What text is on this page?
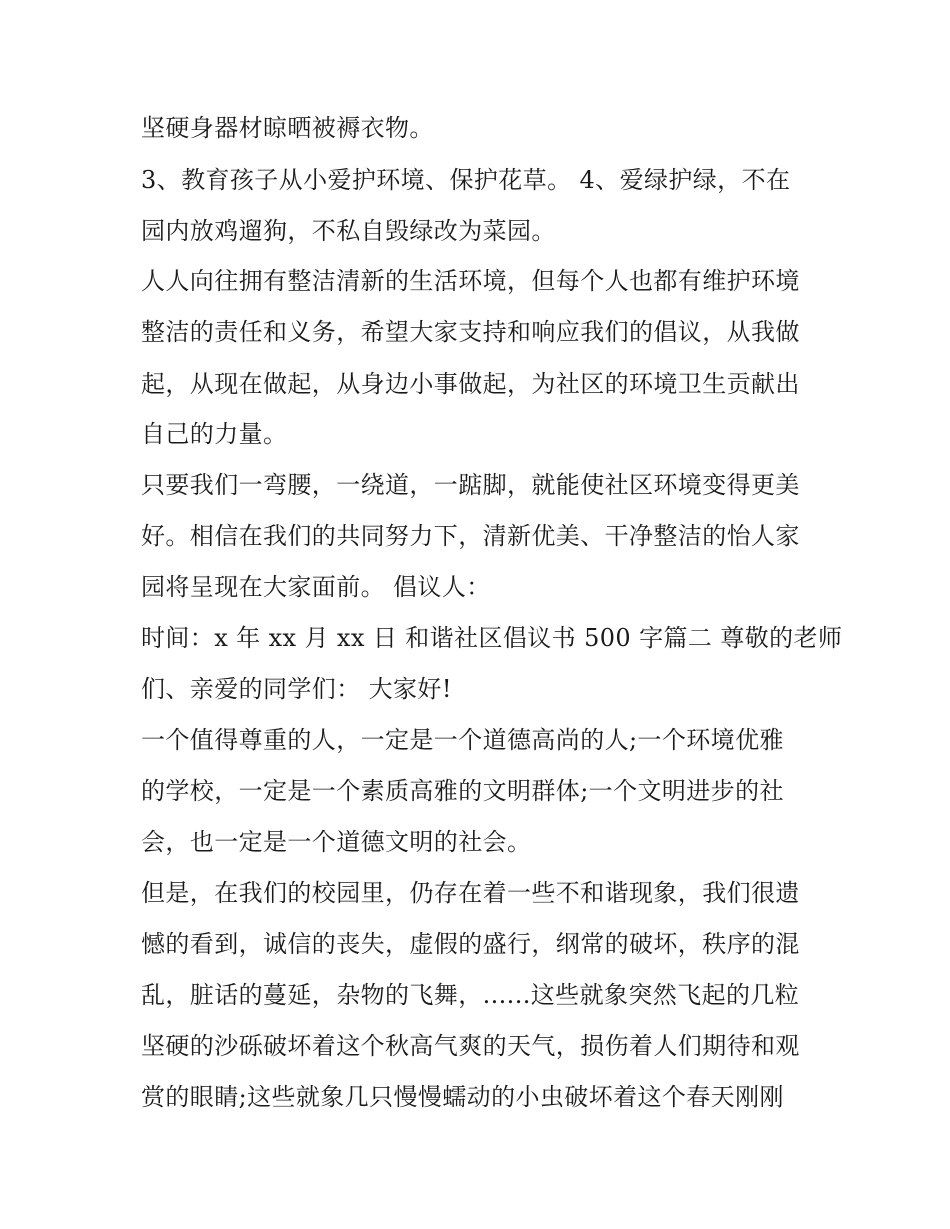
坚硬身器材晾晒被褥衣物。
3、教育孩子从小爱护环境、保护花草。 4、爱绿护绿，不在
园内放鸡遛狗，不私自毁绿改为菜园。
人人向往拥有整洁清新的生活环境，但每个人也都有维护环境
整洁的责任和义务，希望大家支持和响应我们的倡议，从我做
起，从现在做起，从身边小事做起，为社区的环境卫生贡献出
自己的力量。
只要我们一弯腰，一绕道，一踮脚，就能使社区环境变得更美
好。相信在我们的共同努力下，清新优美、干净整洁的怡人家
园将呈现在大家面前。 倡议人：
时间：x 年 xx 月 xx 日 和谐社区倡议书 500 字篇二 尊敬的老师
们、亲爱的同学们： 大家好!
一个值得尊重的人，一定是一个道德高尚的人;一个环境优雅
的学校，一定是一个素质高雅的文明群体;一个文明进步的社
会，也一定是一个道德文明的社会。
但是，在我们的校园里，仍存在着一些不和谐现象，我们很遗
憾的看到，诚信的丧失，虚假的盛行，纲常的破坏，秩序的混
乱，脏话的蔓延，杂物的飞舞，......这些就象突然飞起的几粒
坚硬的沙砾破坏着这个秋高气爽的天气，损伤着人们期待和观
赏的眼睛;这些就象几只慢慢蠕动的小虫破坏着这个春天刚刚
